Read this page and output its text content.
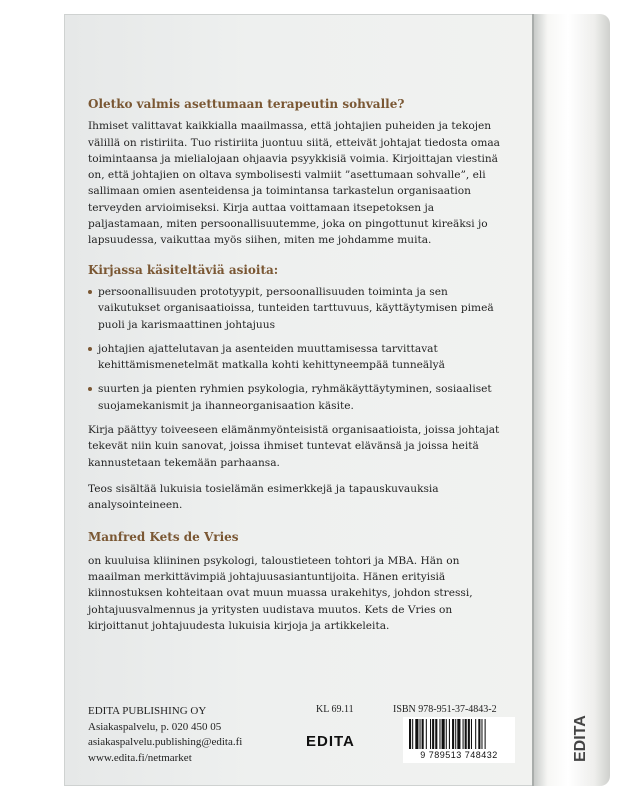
Oletko valmis asettumaan terapeutin sohvalle?

Ihmiset valittavat kaikkialla maailmassa, että johtajien puheiden ja tekojen välillä on ristiriita. Tuo ristiriita juontuu siitä, etteivät johtajat tiedosta omaa toimintaansa ja mielialojaan ohjaavia psyykkisiä voimia. Kirjoittajan viestinä on, että johtajien on oltava symbolisesti valmiit ”asettumaan sohvalle”, eli sallimaan omien asenteidensa ja toimintansa tarkastelun organisaation terveyden arvioimiseksi. Kirja auttaa voittamaan itsepetoksen ja paljastamaan, miten persoonallisuutemme, joka on pingottunut kireäksi jo lapsuudessa, vaikuttaa myös siihen, miten me johdamme muita.

Kirjassa käsiteltäviä asioita:

persoonallisuuden prototyypit, persoonallisuuden toiminta ja sen vaikutukset organisaatioissa, tunteiden tarttuvuus, käyttäytymisen pimeä puoli ja karismaattinen johtajuus
johtajien ajattelutavan ja asenteiden muuttamisessa tarvittavat kehittämismenetelmät matkalla kohti kehittyneempää tunneälyä
suurten ja pienten ryhmien psykologia, ryhmäkäyttäytyminen, sosiaaliset suojamekanismit ja ihanneorganisaation käsite.

Kirja päättyy toiveeseen elämänmyönteisistä organisaatioista, joissa johtajat tekevät niin kuin sanovat, joissa ihmiset tuntevat elävänsä ja joissa heitä kannustetaan tekemään parhaansa.

Teos sisältää lukuisia tosielämän esimerkkejä ja tapauskuvauksia analysointeineen.

Manfred Kets de Vries

on kuuluisa kliininen psykologi, taloustieteen tohtori ja MBA. Hän on maailman merkittävimpiä johtajuusasiantuntijoita. Hänen erityisiä kiinnostuksen kohteitaan ovat muun muassa urakehitys, johdon stressi, johtajuusvalmennus ja yritysten uudistava muutos. Kets de Vries on kirjoittanut johtajuudesta lukuisia kirjoja ja artikkeleita.

EDITA PUBLISHING OY
Asiakaspalvelu, p. 020 450 05
asiakaspalvelu.publishing@edita.fi
www.edita.fi/netmarket
KL 69.11
EDITA
ISBN 978-951-37-4843-2
9 789513 748432	EDITA
